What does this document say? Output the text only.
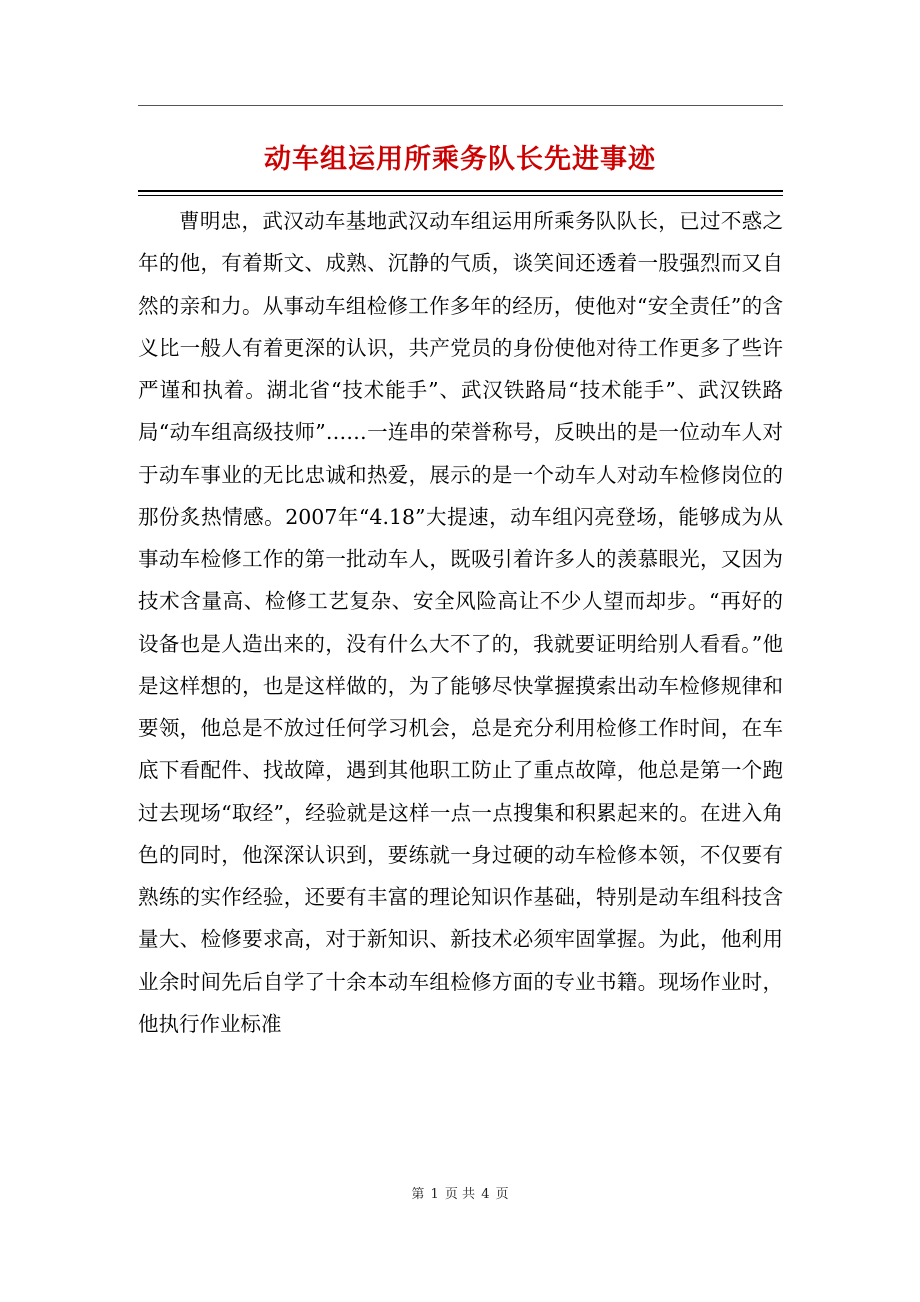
动车组运用所乘务队长先进事迹

曹明忠，武汉动车基地武汉动车组运用所乘务队队长，已过不惑之年的他，有着斯文、成熟、沉静的气质，谈笑间还透着一股强烈而又自然的亲和力。从事动车组检修工作多年的经历，使他对“安全责任”的含义比一般人有着更深的认识，共产党员的身份使他对待工作更多了些许严谨和执着。湖北省“技术能手”、武汉铁路局“技术能手”、武汉铁路局“动车组高级技师”……一连串的荣誉称号，反映出的是一位动车人对于动车事业的无比忠诚和热爱，展示的是一个动车人对动车检修岗位的那份炙热情感。2007年“4.18”大提速，动车组闪亮登场，能够成为从事动车检修工作的第一批动车人，既吸引着许多人的羡慕眼光，又因为技术含量高、检修工艺复杂、安全风险高让不少人望而却步。“再好的设备也是人造出来的，没有什么大不了的，我就要证明给别人看看。”他是这样想的，也是这样做的，为了能够尽快掌握摸索出动车检修规律和要领，他总是不放过任何学习机会，总是充分利用检修工作时间，在车底下看配件、找故障，遇到其他职工防止了重点故障，他总是第一个跑过去现场“取经”，经验就是这样一点一点搜集和积累起来的。在进入角色的同时，他深深认识到，要练就一身过硬的动车检修本领，不仅要有熟练的实作经验，还要有丰富的理论知识作基础，特别是动车组科技含量大、检修要求高，对于新知识、新技术必须牢固掌握。为此，他利用业余时间先后自学了十余本动车组检修方面的专业书籍。现场作业时，他执行作业标准

第 1 页 共 4 页
